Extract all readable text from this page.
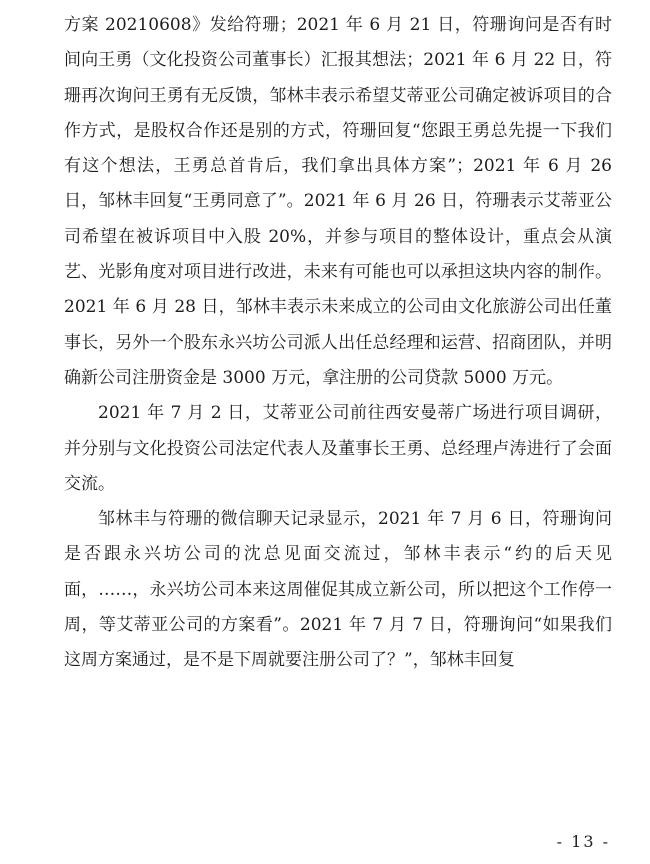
方案 20210608》发给符珊；2021 年 6 月 21 日，符珊询问是否有时间向王勇（文化投资公司董事长）汇报其想法；2021 年 6 月 22 日，符珊再次询问王勇有无反馈，邹林丰表示希望艾蒂亚公司确定被诉项目的合作方式，是股权合作还是别的方式，符珊回复“您跟王勇总先提一下我们有这个想法，王勇总首肯后，我们拿出具体方案”；2021 年 6 月 26 日，邹林丰回复“王勇同意了”。2021 年 6 月 26 日，符珊表示艾蒂亚公司希望在被诉项目中入股 20%，并参与项目的整体设计，重点会从演艺、光影角度对项目进行改进，未来有可能也可以承担这块内容的制作。2021 年 6 月 28 日，邹林丰表示未来成立的公司由文化旅游公司出任董事长，另外一个股东永兴坊公司派人出任总经理和运营、招商团队，并明确新公司注册资金是 3000 万元，拿注册的公司贷款 5000 万元。

2021 年 7 月 2 日，艾蒂亚公司前往西安曼蒂广场进行项目调研，并分别与文化投资公司法定代表人及董事长王勇、总经理卢涛进行了会面交流。

邹林丰与符珊的微信聊天记录显示，2021 年 7 月 6 日，符珊询问是否跟永兴坊公司的沈总见面交流过，邹林丰表示“约的后天见面，……，永兴坊公司本来这周催促其成立新公司，所以把这个工作停一周，等艾蒂亚公司的方案看”。2021 年 7 月 7 日，符珊询问“如果我们这周方案通过，是不是下周就要注册公司了？”，邹林丰回复

- 13 -
